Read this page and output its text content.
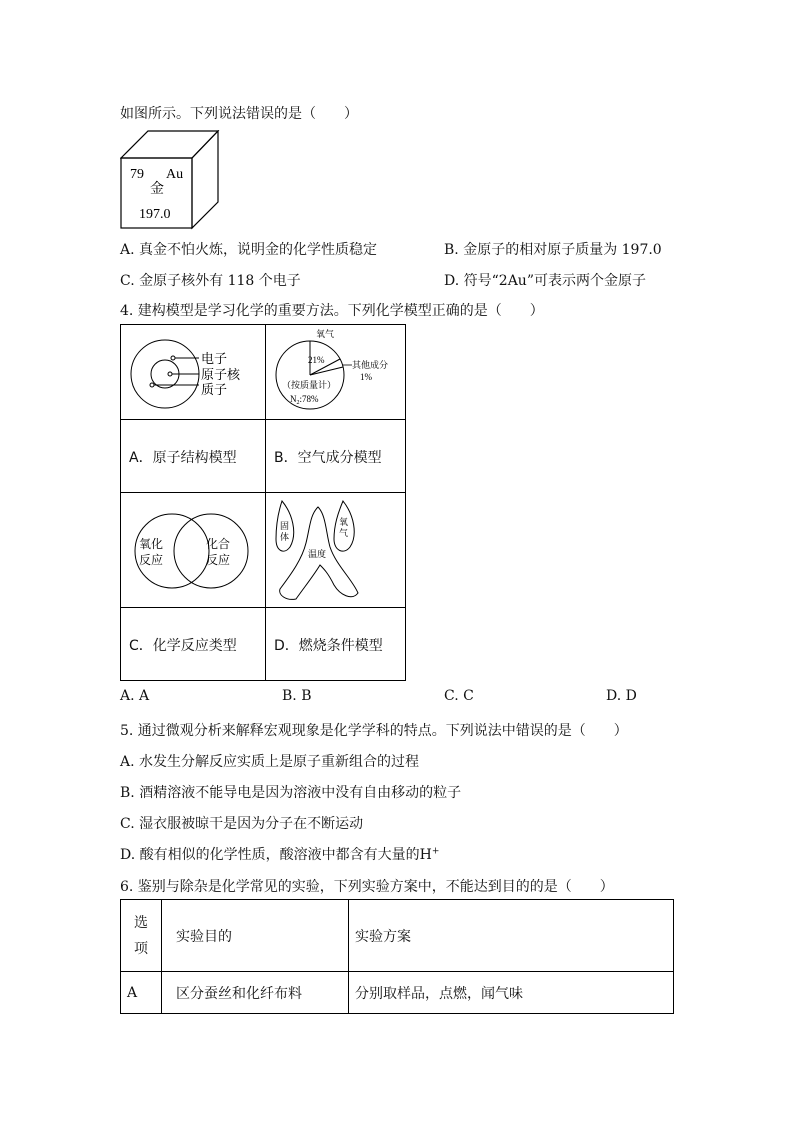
如图所示。下列说法错误的是（　　）
79 Au
金
197.0
A. 真金不怕火炼，说明金的化学性质稳定	B. 金原子的相对原子质量为 197.0
C. 金原子核外有 118 个电子	D. 符号“2Au”可表示两个金原子
4. 建构模型是学习化学的重要方法。下列化学模型正确的是（　　）
电子
原子核
质子
氧气
21%
其他成分
1%
（按质量计）
$N_2:78\%$
A．原子结构模型	B．空气成分模型
氧化
反应
化合
反应
固
体
温度
氧
气
C．化学反应类型	D．燃烧条件模型
A. A	B. B	C. C	D. D
5. 通过微观分析来解释宏观现象是化学学科的特点。下列说法中错误的是（　　）
A. 水发生分解反应实质上是原子重新组合的过程
B. 酒精溶液不能导电是因为溶液中没有自由移动的粒子
C. 湿衣服被晾干是因为分子在不断运动
D. 酸有相似的化学性质，酸溶液中都含有大量的H+
6. 鉴别与除杂是化学常见的实验，下列实验方案中，不能达到目的的是（　　）
选
项	实验目的	实验方案
A	区分蚕丝和化纤布料	分别取样品，点燃，闻气味
